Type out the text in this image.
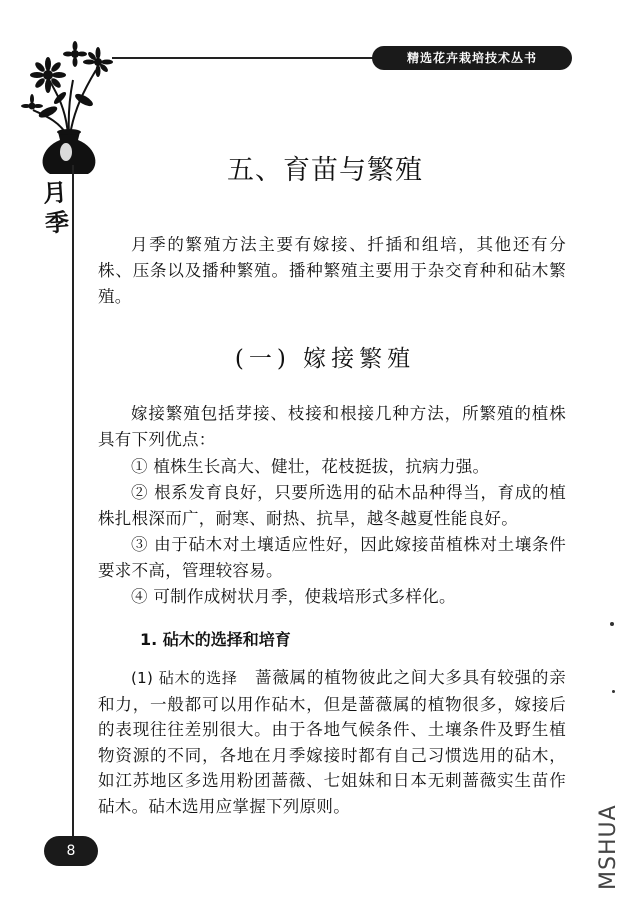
月季
精选花卉栽培技术丛书
五、育苗与繁殖

月季的繁殖方法主要有嫁接、扦插和组培，其他还有分株、压条以及播种繁殖。播种繁殖主要用于杂交育种和砧木繁殖。

(一) 嫁接繁殖

嫁接繁殖包括芽接、枝接和根接几种方法，所繁殖的植株具有下列优点：

① 植株生长高大、健壮，花枝挺拔，抗病力强。

② 根系发育良好，只要所选用的砧木品种得当，育成的植株扎根深而广，耐寒、耐热、抗旱，越冬越夏性能良好。

③ 由于砧木对土壤适应性好，因此嫁接苗植株对土壤条件要求不高，管理较容易。

④ 可制作成树状月季，使栽培形式多样化。

1. 砧木的选择和培育

(1) 砧木的选择　 蔷薇属的植物彼此之间大多具有较强的亲和力，一般都可以用作砧木，但是蔷薇属的植物很多，嫁接后的表现往往差别很大。由于各地气候条件、土壤条件及野生植物资源的不同，各地在月季嫁接时都有自己习惯选用的砧木，如江苏地区多选用粉团蔷薇、七姐妹和日本无刺蔷薇实生苗作砧木。砧木选用应掌握下列原则。

8	MSHUA
